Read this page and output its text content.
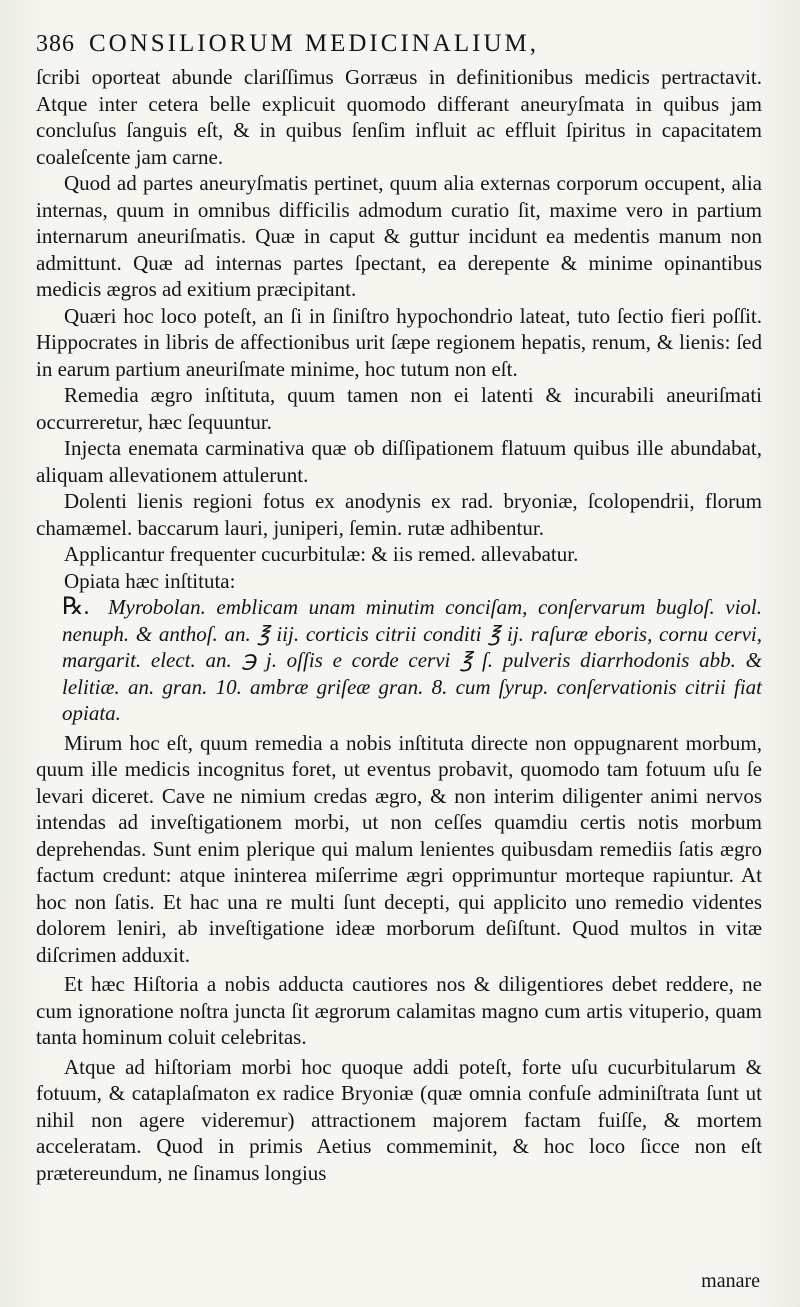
386 CONSILIORUM MEDICINALIUM,

ſcribi oporteat abunde clariſſimus Gorræus in definitionibus medicis pertractavit. Atque inter cetera belle explicuit quomodo differant aneuryſmata in quibus jam concluſus ſanguis eſt, & in quibus ſenſim influit ac effluit ſpiritus in capacitatem coaleſcente jam carne.

Quod ad partes aneuryſmatis pertinet, quum alia externas corporum occupent, alia internas, quum in omnibus difficilis admodum curatio ſit, maxime vero in partium internarum aneuriſmatis. Quæ in caput & guttur incidunt ea medentis manum non admittunt. Quæ ad internas partes ſpectant, ea derepente & minime opinantibus medicis ægros ad exitium præcipitant.

Quæri hoc loco poteſt, an ſi in ſiniſtro hypochondrio lateat, tuto ſectio fieri poſſit. Hippocrates in libris de affectionibus urit ſæpe regionem hepatis, renum, & lienis: ſed in earum partium aneuriſmate minime, hoc tutum non eſt.

Remedia ægro inſtituta, quum tamen non ei latenti & incurabili aneuriſmati occurreretur, hæc ſequuntur.

Injecta enemata carminativa quæ ob diſſipationem flatuum quibus ille abundabat, aliquam allevationem attulerunt.

Dolenti lienis regioni fotus ex anodynis ex rad. bryoniæ, ſcolopendrii, florum chamæmel. baccarum lauri, juniperi, ſemin. rutæ adhibentur.

Applicantur frequenter cucurbitulæ: & iis remed. allevabatur.

Opiata hæc inſtituta:

℞. Myrobolan. emblicam unam minutim conciſam, conſervarum bugloſ. viol. nenuph. & anthoſ. an. ℥ iij. corticis citrii conditi ℥ ij. raſuræ eboris, cornu cervi, margarit. elect. an. ℈ j. oſſis e corde cervi ℥ ſ. pulveris diarrhodonis abb. & lelitiæ. an. gran. 10. ambræ griſeæ gran. 8. cum ſyrup. conſervationis citrii fiat opiata.

Mirum hoc eſt, quum remedia a nobis inſtituta directe non oppugnarent morbum, quum ille medicis incognitus foret, ut eventus probavit, quomodo tam fotuum uſu ſe levari diceret. Cave ne nimium credas ægro, & non interim diligenter animi nervos intendas ad inveſtigationem morbi, ut non ceſſes quamdiu certis notis morbum deprehendas. Sunt enim plerique qui malum lenientes quibusdam remediis ſatis ægro factum credunt: atque ininterea miſerrime ægri opprimuntur morteque rapiuntur. At hoc non ſatis. Et hac una re multi ſunt decepti, qui applicito uno remedio videntes dolorem leniri, ab inveſtigatione ideæ morborum deſiſtunt. Quod multos in vitæ diſcrimen adduxit.

Et hæc Hiſtoria a nobis adducta cautiores nos & diligentiores debet reddere, ne cum ignoratione noſtra juncta ſit ægrorum calamitas magno cum artis vituperio, quam tanta hominum coluit celebritas.

Atque ad hiſtoriam morbi hoc quoque addi poteſt, forte uſu cucurbitularum & fotuum, & cataplaſmaton ex radice Bryoniæ (quæ omnia confuſe adminiſtrata ſunt ut nihil non agere videremur) attractionem majorem factam fuiſſe, & mortem acceleratam. Quod in primis Aetius commeminit, & hoc loco ſicce non eſt prætereundum, ne ſinamus longius

manare
